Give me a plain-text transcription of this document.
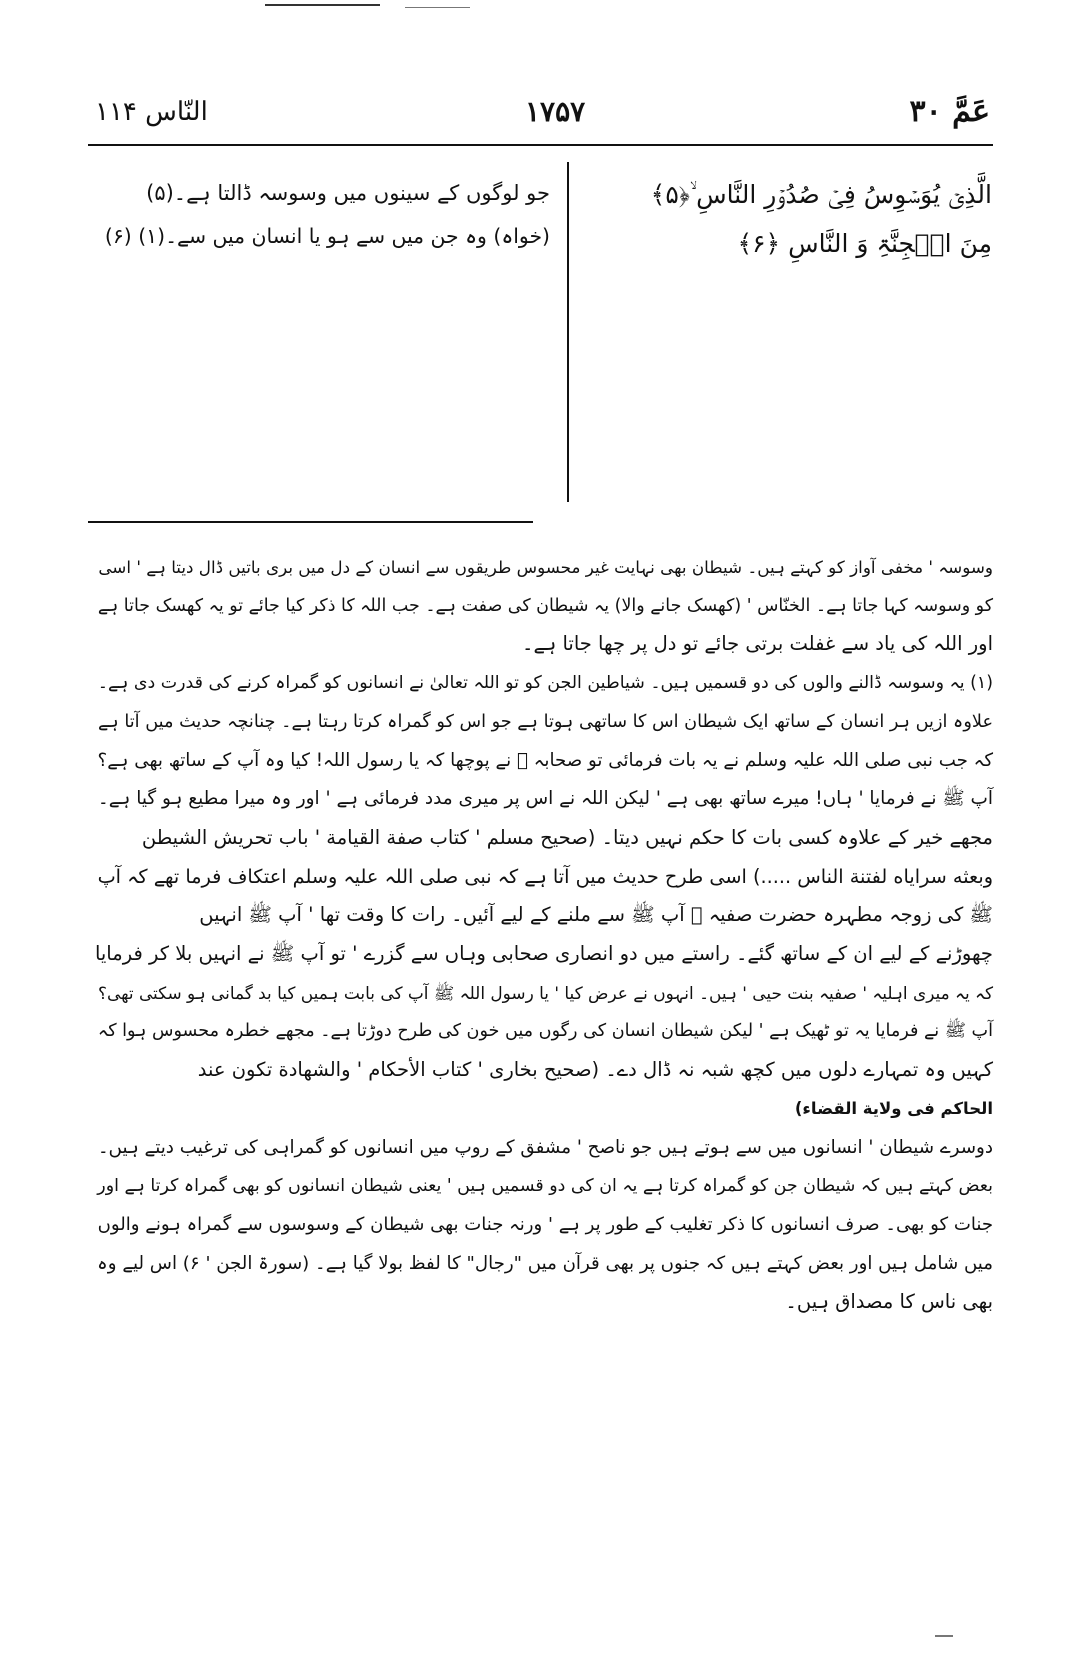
عَمَّ ۳۰
۱۷۵۷
النّاس ۱۱۴

الَّذِیۡ یُوَسۡوِسُ فِیۡ صُدُوۡرِ النَّاسِ ۙ﴿۵﴾

مِنَ الۡجِنَّۃِ وَ النَّاسِ ﴿۶﴾

جو لوگوں کے سینوں میں وسوسہ ڈالتا ہے۔(۵)

(خواہ) وہ جن میں سے ہو یا انسان میں سے۔(۱) (۶)

وسوسہ ' مخفی آواز کو کہتے ہیں۔ شیطان بھی نہایت غیر محسوس طریقوں سے انسان کے دل میں بری باتیں ڈال دیتا ہے ' اسی

کو وسوسہ کہا جاتا ہے۔ الخنّاس ' (کھسک جانے والا) یہ شیطان کی صفت ہے۔ جب اللہ کا ذکر کیا جائے تو یہ کھسک جاتا ہے

اور اللہ کی یاد سے غفلت برتی جائے تو دل پر چھا جاتا ہے۔

(۱) یہ وسوسہ ڈالنے والوں کی دو قسمیں ہیں۔ شیاطین الجن کو تو اللہ تعالیٰ نے انسانوں کو گمراہ کرنے کی قدرت دی ہے۔

علاوہ ازیں ہر انسان کے ساتھ ایک شیطان اس کا ساتھی ہوتا ہے جو اس کو گمراہ کرتا رہتا ہے۔ چنانچہ حدیث میں آتا ہے

کہ جب نبی صلی اللہ علیہ وسلم نے یہ بات فرمائی تو صحابہ ﷢ نے پوچھا کہ یا رسول اللہ! کیا وہ آپ کے ساتھ بھی ہے؟

آپ ﷺ نے فرمایا ' ہاں! میرے ساتھ بھی ہے ' لیکن اللہ نے اس پر میری مدد فرمائی ہے ' اور وہ میرا مطیع ہو گیا ہے۔

مجھے خیر کے علاوہ کسی بات کا حکم نہیں دیتا۔ (صحیح مسلم ' کتاب صفة القیامة ' باب تحریش الشیطن

وبعثه سرایاه لفتنة الناس .....) اسی طرح حدیث میں آتا ہے کہ نبی صلی اللہ علیہ وسلم اعتکاف فرما تھے کہ آپ

ﷺ کی زوجہ مطہرہ حضرت صفیہ ﷝ آپ ﷺ سے ملنے کے لیے آئیں۔ رات کا وقت تھا ' آپ ﷺ انہیں

چھوڑنے کے لیے ان کے ساتھ گئے۔ راستے میں دو انصاری صحابی وہاں سے گزرے ' تو آپ ﷺ نے انہیں بلا کر فرمایا

کہ یہ میری اہلیہ ' صفیہ بنت حیی ' ہیں۔ انہوں نے عرض کیا ' یا رسول اللہ ﷺ آپ کی بابت ہمیں کیا بد گمانی ہو سکتی تھی؟

آپ ﷺ نے فرمایا یہ تو ٹھیک ہے ' لیکن شیطان انسان کی رگوں میں خون کی طرح دوڑتا ہے۔ مجھے خطرہ محسوس ہوا کہ

کہیں وہ تمہارے دلوں میں کچھ شبہ نہ ڈال دے۔ (صحیح بخاری ' کتاب الأحکام ' والشهادة تکون عند

الحاکم فی ولایة القضاء)

دوسرے شیطان ' انسانوں میں سے ہوتے ہیں جو ناصح ' مشفق کے روپ میں انسانوں کو گمراہی کی ترغیب دیتے ہیں۔

بعض کہتے ہیں کہ شیطان جن کو گمراہ کرتا ہے یہ ان کی دو قسمیں ہیں ' یعنی شیطان انسانوں کو بھی گمراہ کرتا ہے اور

جنات کو بھی۔ صرف انسانوں کا ذکر تغلیب کے طور پر ہے ' ورنہ جنات بھی شیطان کے وسوسوں سے گمراہ ہونے والوں

میں شامل ہیں اور بعض کہتے ہیں کہ جنوں پر بھی قرآن میں "رجال" کا لفظ بولا گیا ہے۔ (سورۃ الجن ' ۶) اس لیے وہ

بھی ناس کا مصداق ہیں۔
